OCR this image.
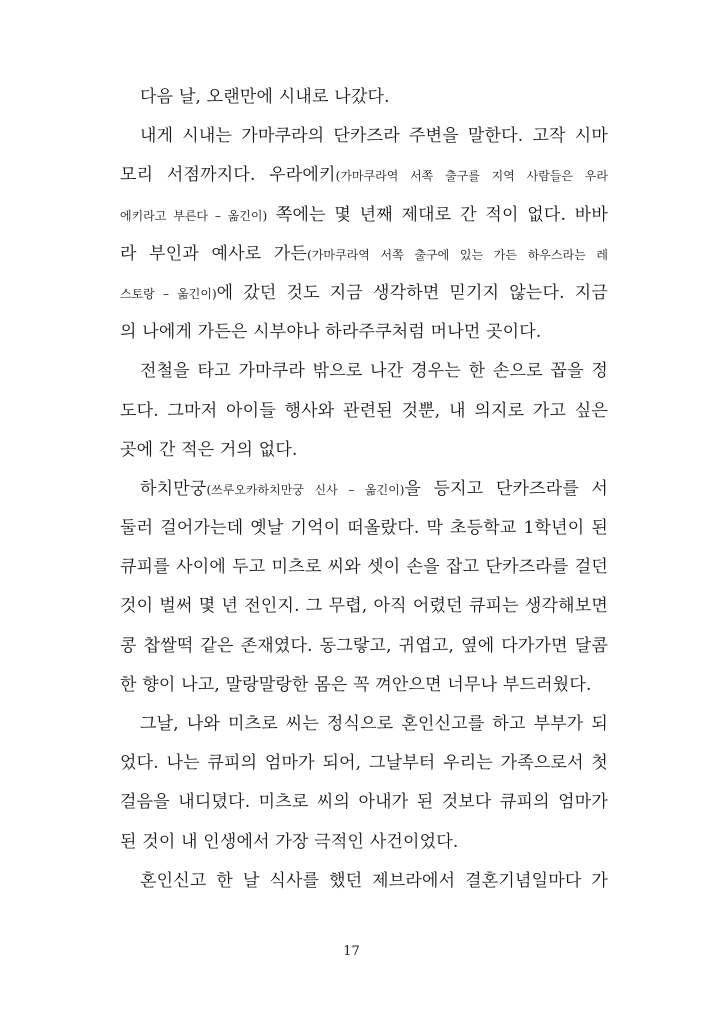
다음 날, 오랜만에 시내로 나갔다.
내게 시내는 가마쿠라의 단카즈라 주변을 말한다. 고작 시마
모리 서점까지다. 우라에키(가마쿠라역 서쪽 출구를 지역 사람들은 우라
에키라고 부른다 – 옮긴이) 쪽에는 몇 년째 제대로 간 적이 없다. 바바
라 부인과 예사로 가든(가마쿠라역 서쪽 출구에 있는 가든 하우스라는 레
스토랑 – 옮긴이)에 갔던 것도 지금 생각하면 믿기지 않는다. 지금
의 나에게 가든은 시부야나 하라주쿠처럼 머나먼 곳이다.
전철을 타고 가마쿠라 밖으로 나간 경우는 한 손으로 꼽을 정
도다. 그마저 아이들 행사와 관련된 것뿐, 내 의지로 가고 싶은
곳에 간 적은 거의 없다.
하치만궁(쓰루오카하치만궁 신사 – 옮긴이)을 등지고 단카즈라를 서
둘러 걸어가는데 옛날 기억이 떠올랐다. 막 초등학교 1학년이 된
큐피를 사이에 두고 미츠로 씨와 셋이 손을 잡고 단카즈라를 걸던
것이 벌써 몇 년 전인지. 그 무렵, 아직 어렸던 큐피는 생각해보면
콩 찹쌀떡 같은 존재였다. 동그랗고, 귀엽고, 옆에 다가가면 달콤
한 향이 나고, 말랑말랑한 몸은 꼭 껴안으면 너무나 부드러웠다.
그날, 나와 미츠로 씨는 정식으로 혼인신고를 하고 부부가 되
었다. 나는 큐피의 엄마가 되어, 그날부터 우리는 가족으로서 첫
걸음을 내디뎠다. 미츠로 씨의 아내가 된 것보다 큐피의 엄마가
된 것이 내 인생에서 가장 극적인 사건이었다.
혼인신고 한 날 식사를 했던 제브라에서 결혼기념일마다 가
17
